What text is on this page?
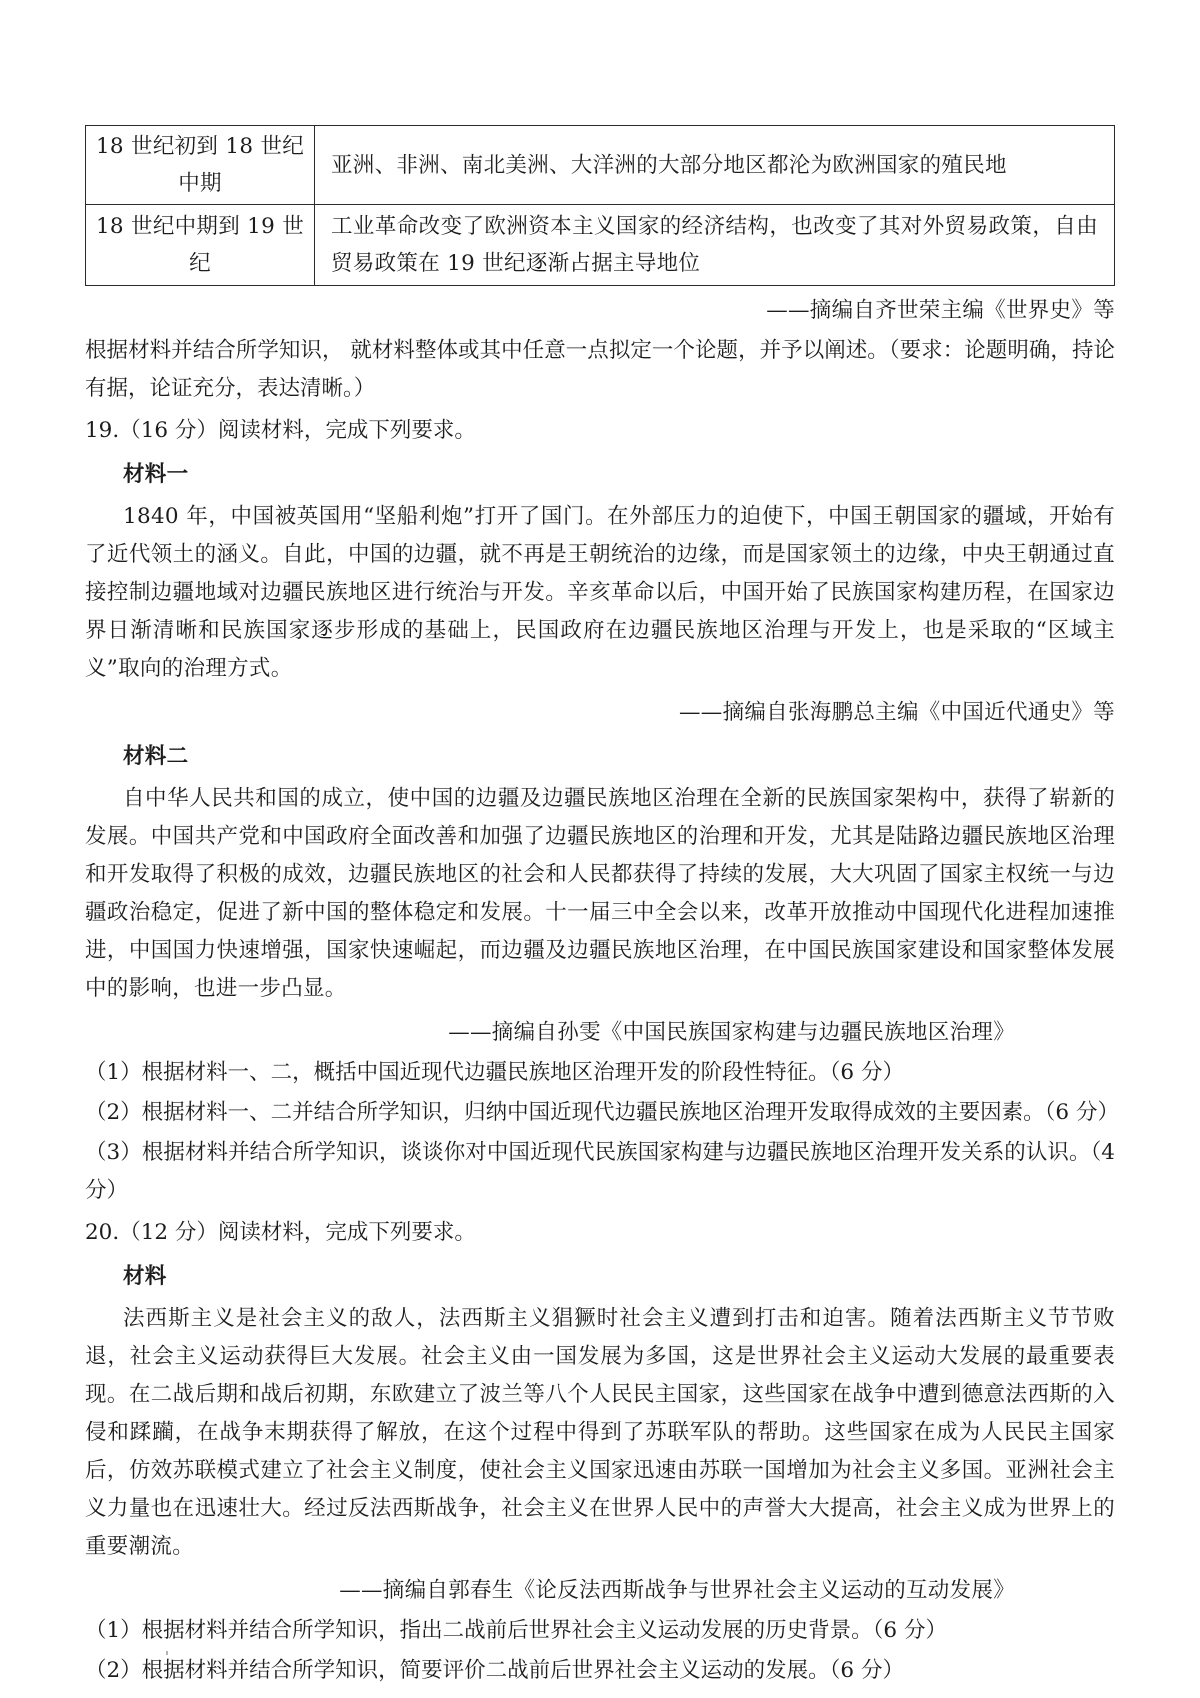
18 世纪初到 18 世纪中期	亚洲、非洲、南北美洲、大洋洲的大部分地区都沦为欧洲国家的殖民地
18 世纪中期到 19 世纪	工业革命改变了欧洲资本主义国家的经济结构，也改变了其对外贸易政策，自由贸易政策在 19 世纪逐渐占据主导地位
——摘编自齐世荣主编《世界史》等

根据材料并结合所学知识， 就材料整体或其中任意一点拟定一个论题，并予以阐述。（要求：论题明确，持论有据，论证充分，表达清晰。）

19.（16 分）阅读材料，完成下列要求。

材料一

1840 年，中国被英国用“坚船利炮”打开了国门。在外部压力的迫使下，中国王朝国家的疆域，开始有了近代领土的涵义。自此，中国的边疆，就不再是王朝统治的边缘，而是国家领土的边缘，中央王朝通过直接控制边疆地域对边疆民族地区进行统治与开发。辛亥革命以后，中国开始了民族国家构建历程，在国家边界日渐清晰和民族国家逐步形成的基础上，民国政府在边疆民族地区治理与开发上，也是采取的“区域主义”取向的治理方式。

——摘编自张海鹏总主编《中国近代通史》等
材料二

自中华人民共和国的成立，使中国的边疆及边疆民族地区治理在全新的民族国家架构中，获得了崭新的发展。中国共产党和中国政府全面改善和加强了边疆民族地区的治理和开发，尤其是陆路边疆民族地区治理和开发取得了积极的成效，边疆民族地区的社会和人民都获得了持续的发展，大大巩固了国家主权统一与边疆政治稳定，促进了新中国的整体稳定和发展。十一届三中全会以来，改革开放推动中国现代化进程加速推进，中国国力快速增强，国家快速崛起，而边疆及边疆民族地区治理，在中国民族国家建设和国家整体发展中的影响，也进一步凸显。

——摘编自孙雯《中国民族国家构建与边疆民族地区治理》

（1）根据材料一、二，概括中国近现代边疆民族地区治理开发的阶段性特征。（6 分）

（2）根据材料一、二并结合所学知识，归纳中国近现代边疆民族地区治理开发取得成效的主要因素。（6 分）

（3）根据材料并结合所学知识，谈谈你对中国近现代民族国家构建与边疆民族地区治理开发关系的认识。（4 分）

20.（12 分）阅读材料，完成下列要求。

材料

法西斯主义是社会主义的敌人，法西斯主义猖獗时社会主义遭到打击和迫害。随着法西斯主义节节败退，社会主义运动获得巨大发展。社会主义由一国发展为多国，这是世界社会主义运动大发展的最重要表现。在二战后期和战后初期，东欧建立了波兰等八个人民民主国家，这些国家在战争中遭到德意法西斯的入侵和蹂躏，在战争末期获得了解放，在这个过程中得到了苏联军队的帮助。这些国家在成为人民民主国家后，仿效苏联模式建立了社会主义制度，使社会主义国家迅速由苏联一国增加为社会主义多国。亚洲社会主义力量也在迅速壮大。经过反法西斯战争，社会主义在世界人民中的声誉大大提高，社会主义成为世界上的重要潮流。

——摘编自郭春生《论反法西斯战争与世界社会主义运动的互动发展》

（1）根据材料并结合所学知识，指出二战前后世界社会主义运动发展的历史背景。（6 分）

（2）根据材料并结合所学知识，简要评价二战前后世界社会主义运动的发展。（6 分）
